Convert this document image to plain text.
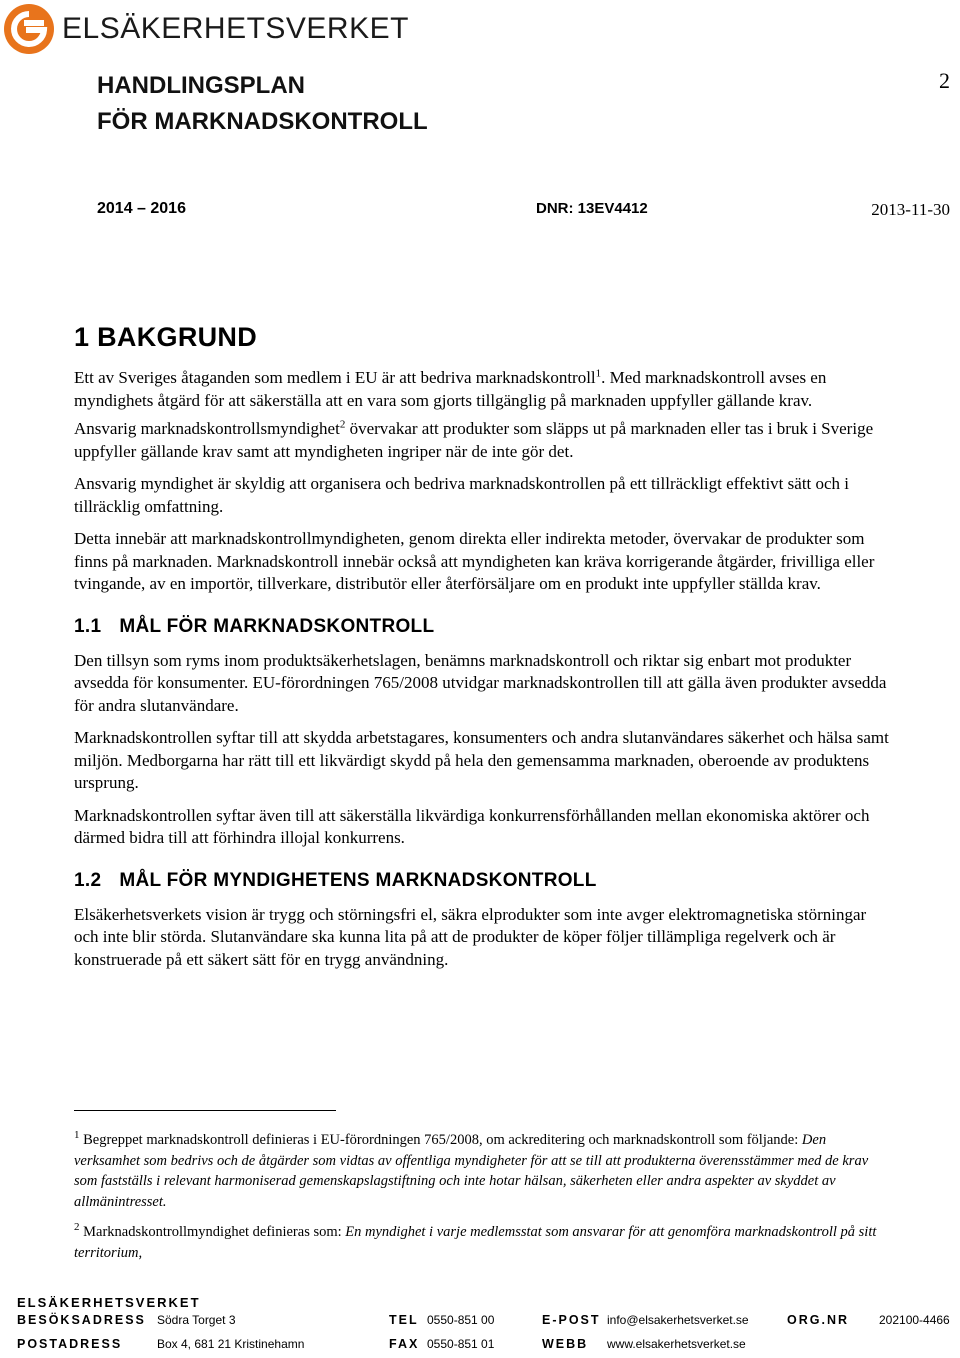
ELSÄKERHETSVERKET
HANDLINGSPLAN
FÖR MARKNADSKONTROLL
2
2014 – 2016	DNR: 13EV4412	2013-11-30
1 BAKGRUND

Ett av Sveriges åtaganden som medlem i EU är att bedriva marknadskontroll$^1$. Med marknadskontroll avses en myndighets åtgärd för att säkerställa att en vara som gjorts tillgänglig på marknaden uppfyller gällande krav.

Ansvarig marknadskontrollsmyndighet$^2$ övervakar att produkter som släpps ut på marknaden eller tas i bruk i Sverige uppfyller gällande krav samt att myndigheten ingriper när de inte gör det.

Ansvarig myndighet är skyldig att organisera och bedriva marknadskontrollen på ett tillräckligt effektivt sätt och i tillräcklig omfattning.

Detta innebär att marknadskontrollmyndigheten, genom direkta eller indirekta metoder, övervakar de produkter som finns på marknaden. Marknadskontroll innebär också att myndigheten kan kräva korrigerande åtgärder, frivilliga eller tvingande, av en importör, tillverkare, distributör eller återförsäljare om en produkt inte uppfyller ställda krav.

1.1 MÅL FÖR MARKNADSKONTROLL

Den tillsyn som ryms inom produktsäkerhetslagen, benämns marknadskontroll och riktar sig enbart mot produkter avsedda för konsumenter. EU-förordningen 765/2008 utvidgar marknadskontrollen till att gälla även produkter avsedda för andra slutanvändare.

Marknadskontrollen syftar till att skydda arbetstagares, konsumenters och andra slutanvändares säkerhet och hälsa samt miljön. Medborgarna har rätt till ett likvärdigt skydd på hela den gemensamma marknaden, oberoende av produktens ursprung.

Marknadskontrollen syftar även till att säkerställa likvärdiga konkurrensförhållanden mellan ekonomiska aktörer och därmed bidra till att förhindra illojal konkurrens.

1.2 MÅL FÖR MYNDIGHETENS MARKNADSKONTROLL

Elsäkerhetsverkets vision är trygg och störningsfri el, säkra elprodukter som inte avger elektromagnetiska störningar och inte blir störda. Slutanvändare ska kunna lita på att de produkter de köper följer tillämpliga regelverk och är konstruerade på ett säkert sätt för en trygg användning.

$^1$ Begreppet marknadskontroll definieras i EU-förordningen 765/2008, om ackreditering och marknadskontroll som följande: Den verksamhet som bedrivs och de åtgärder som vidtas av offentliga myndigheter för att se till att produkterna överensstämmer med de krav som fastställs i relevant harmoniserad gemenskapslagstiftning och inte hotar hälsan, säkerheten eller andra aspekter av skyddet av allmänintresset.

$^2$ Marknadskontrollmyndighet definieras som: En myndighet i varje medlemsstat som ansvarar för att genomföra marknadskontroll på sitt territorium,

ELSÄKERHETSVERKET
BESÖKSADRESS Södra Torget 3	TEL 0550-851 00	E-POST info@elsakerhetsverket.se	ORG.NR	202100-4466
POSTADRESS	Box 4, 681 21 Kristinehamn	FAX 0550-851 01	WEBB www.elsakerhetsverket.se
